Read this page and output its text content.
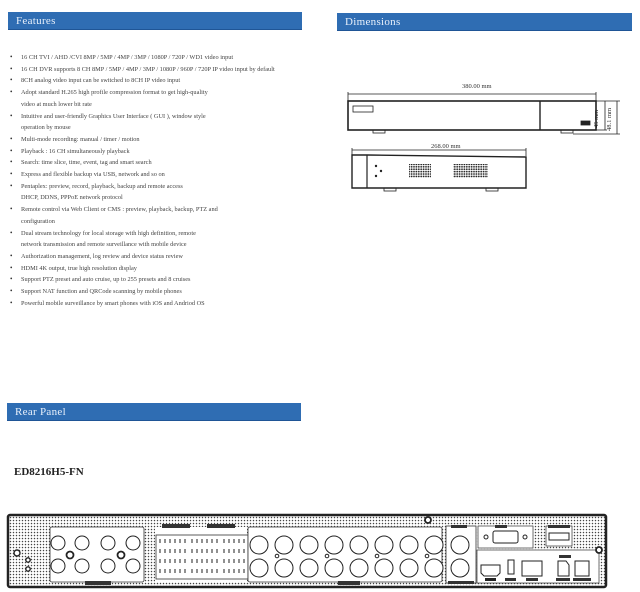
Features	Dimensions
Rear Panel
• 16 CH TVI / AHD /CVI 8MP / 5MP / 4MP / 3MP / 1080P / 720P / WD1 video input
• 16 CH DVR supports 8 CH 8MP / 5MP / 4MP / 3MP / 1080P / 960P / 720P IP video input by default
• 8CH analog video input can be switched to 8CH IP video input
• Adopt standard H.265 high profile compression format to get high-quality
video at much lower bit rate
• Intuitive and user-friendly Graphics User Interface ( GUI ), window style
operation by mouse
• Multi-mode recording: manual / timer / motion
• Playback : 16 CH simultaneously playback
• Search: time slice, time, event, tag and smart search
• Express and flexible backup via USB, network and so on
• Pentaplex: preview, record, playback, backup and remote access
DHCP, DDNS, PPPoE network protocol
• Remote control via Web Client or CMS : preview, playback, backup, PTZ and
configuration
• Dual stream technology for local storage with high definition, remote
network transmission and remote surveillance with mobile device
• Authorization management, log review and device status review
• HDMI 4K output, true high resolution display
• Support PTZ preset and auto cruise, up to 255 presets and 8 cruises
• Support NAT function and QRCode scanning by mobile phones
• Powerful mobile surveillance by smart phones with iOS and Andriod OS
380.00 mm
268.00 mm
45 mm 48.1 mm
ED8216H5-FN
